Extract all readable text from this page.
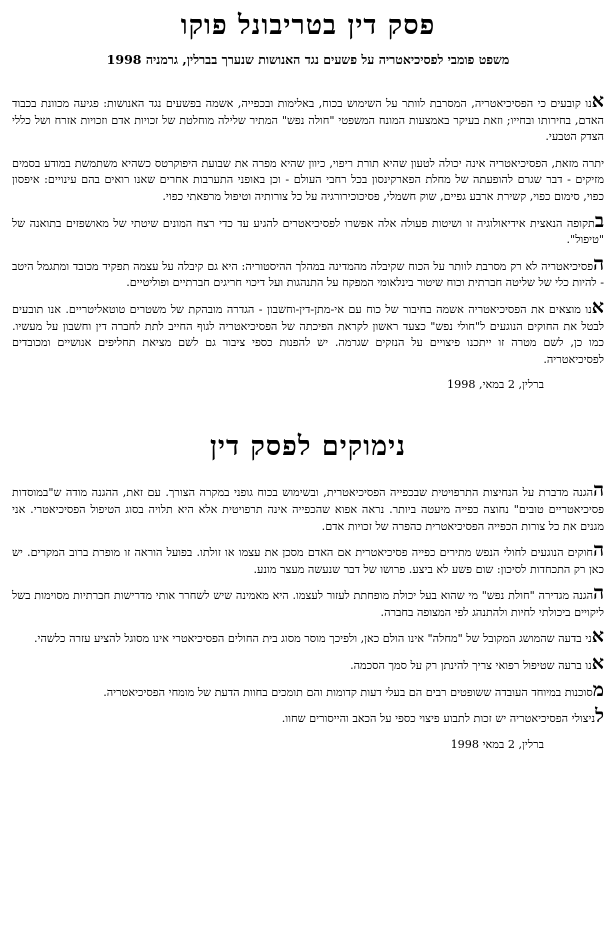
פסק דין בטריבונל פוקו
משפט פומבי לפסיכיאטריה על פשעים נגד האנושות שנערך בברלין, גרמניה 1998

אנו קובעים כי הפסיכיאטריה, המסרבת לוותר על השימוש בכוח, באלימות ובכפייה, אשמה בפשעים נגד האנושות: פגיעה מכוונת בכבוד האדם, בחירותו ובחייו; וזאת בעיקר באמצעות המונח המשפטי "חולה נפש" המתיר שלילה מוחלטת של זכויות אדם וזכויות אזרח ושל כללי הצדק הטבעי.

יתרה מזאת, הפסיכיאטריה אינה יכולה לטעון שהיא תורת ריפוי, כיוון שהיא מפרה את שבועת היפוקרטס כשהיא משתמשת במודע בסמים מזיקים - דבר שגרם להופעתה של מחלת הפארקינסון בכל רחבי העולם - וכן באופני התערבות אחרים שאנו רואים בהם עינויים: איפסון כפוי, סימום כפוי, קשירת ארבע גפיים, שוק חשמלי, פסיכוכירורגיה על כל צורותיה וטיפול מרפאתי כפוי.

בתקופה הנאצית אידיאולוגיה זו ושיטות פעולה אלה אפשרו לפסיכיאטרים להגיע עד כדי רצח המונים שיטתי של מאושפזים בתואנה של "טיפול".

הפסיכיאטריה לא רק מסרבת לוותר על הכוח שקיבלה מהמדינה במהלך ההיסטוריה: היא גם קיבלה על עצמה תפקיד מכובד ומתגמל היטב - להיות כלי של שליטה חברתית וכוח שיטור בינלאומי המפקח על התנהגות ועל דיכוי חריגים חברתיים ופוליטיים.

אנו מוצאים את הפסיכיאטריה אשמה בחיבור של כוח עם אי-מתן-דין-וחשבון - הגדרה מובהקת של משטרים טוטאליטריים. אנו תובעים לבטל את החוקים הנוגעים ל"חולי נפש" כצעד ראשון לקראת הפיכתה של הפסיכיאטריה לגוף החייב לתת לחברה דין וחשבון על מעשיו. כמו כן, לשם מטרה זו ייתכנו פיצויים על הנזקים שגרמה. יש להפנות כספי ציבור גם לשם מציאת תחליפים אנושיים ומכובדים לפסיכיאטריה.

ברלין, 2 במאי, 1998
נימוקים לפסק דין

ההגנה מדברת על הנחיצות התרפויטית שבכפייה הפסיכיאטרית, ובשימוש בכוח גופני במקרה הצורך. עם זאת, ההגנה מודה ש"במוסדות פסיכיאטריים טובים" נחוצה כפייה מיעטה ביותר. נראה אפוא שהכפייה אינה תרפויטית אלא היא תלויה בסוג הטיפול הפסיכיאטרי. אני מגנים את כל צורות הכפייה הפסיכיאטרית כהפרה של זכויות אדם.

החוקים הנוגעים לחולי הנפש מתירים כפייה פסיכיאטרית אם האדם מסכן את עצמו או זולתו. בפועל הוראה זו מופרת ברוב המקרים. יש כאן רק התכחדות לסיכון: שום פשע לא ביצע. פרושו של דבר שנעשה מעצר מונע.

ההגנה מגדירה "חולת נפש" מי שהוא בעל יכולת מופחתת לעזור לעצמו. היא מאמינה שיש לשחרר אותי מדרישות חברתיות מסוימות בשל ליקויים ביכולתי לחיות ולהתנהג לפי המצופה בחברה.

אני בדעה שהמושג המקובל של "מחלה" אינו הולם כאן, ולפיכך מוסר מסוג בית החולים הפסיכיאטרי אינו מסוגל להציע עזרה כלשהי.

אנו ברעה שטיפול רפואי צריך להינתן רק על סמך הסכמה.

מסוכנות במיוחד העובדה ששופטים רבים הם בעלי דעות קדומות והם תומכים בחוות הדעת של מומחי הפסיכיאטריה.

לניצולי הפסיכיאטריה יש זכות לתבוע פיצוי כספי על הכאב והייסורים שחוו.

ברלין, 2 במאי 1998
